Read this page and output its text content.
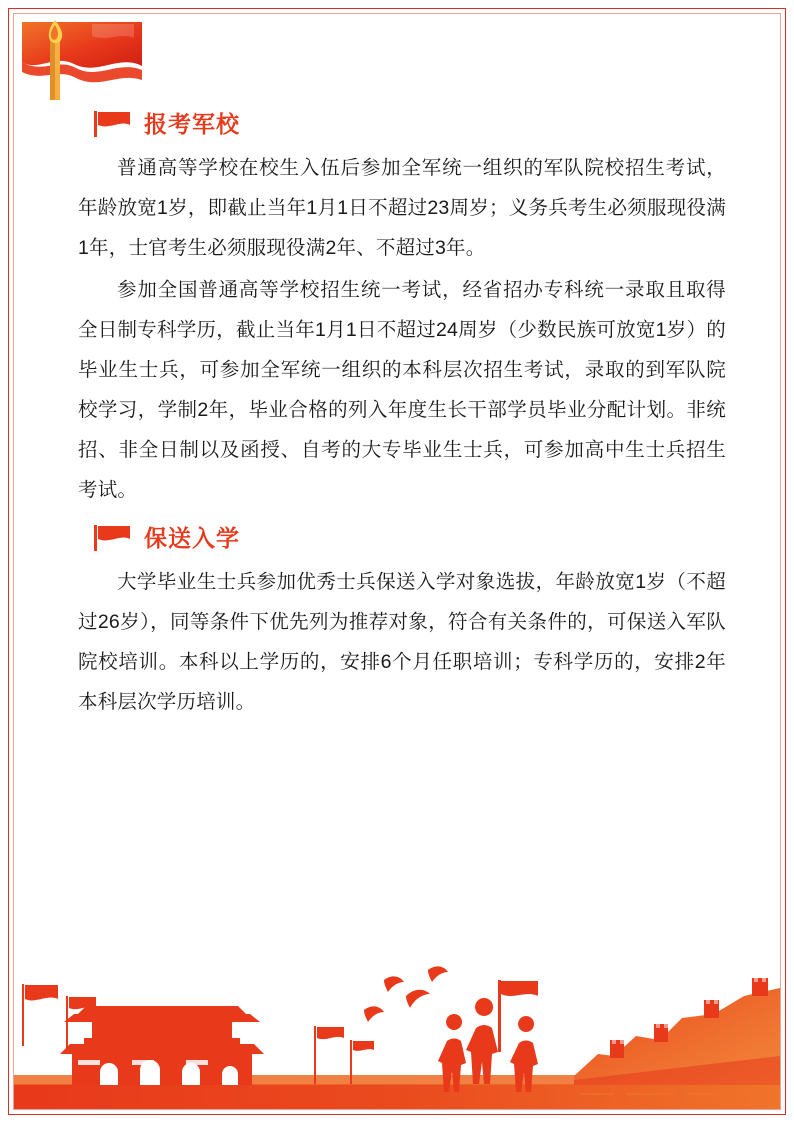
报考军校

普通高等学校在校生入伍后参加全军统一组织的军队院校招生考试，年龄放宽1岁，即截止当年1月1日不超过23周岁；义务兵考生必须服现役满1年，士官考生必须服现役满2年、不超过3年。

参加全国普通高等学校招生统一考试，经省招办专科统一录取且取得全日制专科学历，截止当年1月1日不超过24周岁（少数民族可放宽1岁）的毕业生士兵，可参加全军统一组织的本科层次招生考试，录取的到军队院校学习，学制2年，毕业合格的列入年度生长干部学员毕业分配计划。非统招、非全日制以及函授、自考的大专毕业生士兵，可参加高中生士兵招生考试。

保送入学

大学毕业生士兵参加优秀士兵保送入学对象选拔，年龄放宽1岁（不超过26岁），同等条件下优先列为推荐对象，符合有关条件的，可保送入军队院校培训。本科以上学历的，安排6个月任职培训；专科学历的，安排2年本科层次学历培训。
